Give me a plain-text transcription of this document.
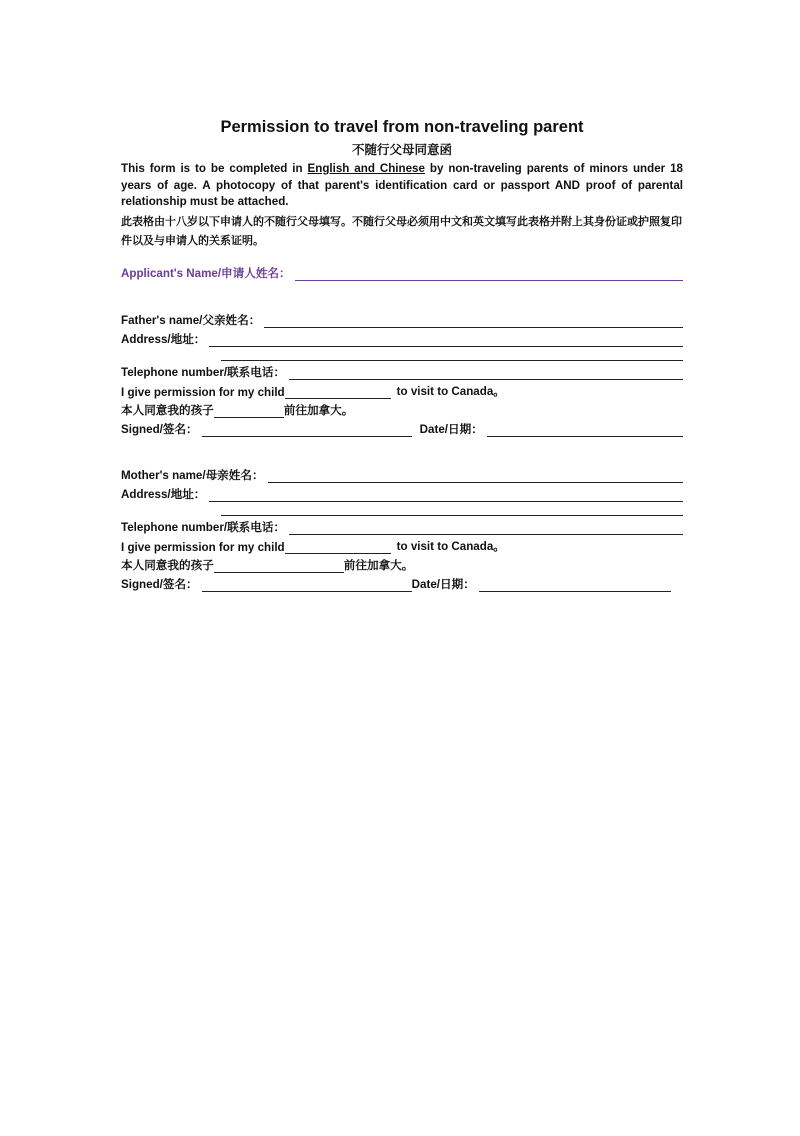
Permission to travel from non-traveling parent
不随行父母同意函
This form is to be completed in English and Chinese by non-traveling parents of minors under 18 years of age. A photocopy of that parent's identification card or passport AND proof of parental relationship must be attached.
此表格由十八岁以下申请人的不随行父母填写。不随行父母必须用中文和英文填写此表格并附上其身份证或护照复印件以及与申请人的关系证明。
Applicant's Name/申请人姓名：
Father's name/父亲姓名：
Address/地址：
Telephone number/联系电话：
I give permission for my child	to visit to Canada。
本人同意我的孩子	前往加拿大。
Signed/签名：	Date/日期：
Mother's name/母亲姓名：
Address/地址：
Telephone number/联系电话：
I give permission for my child	to visit to Canada。
本人同意我的孩子	前往加拿大。
Signed/签名：	Date/日期：
